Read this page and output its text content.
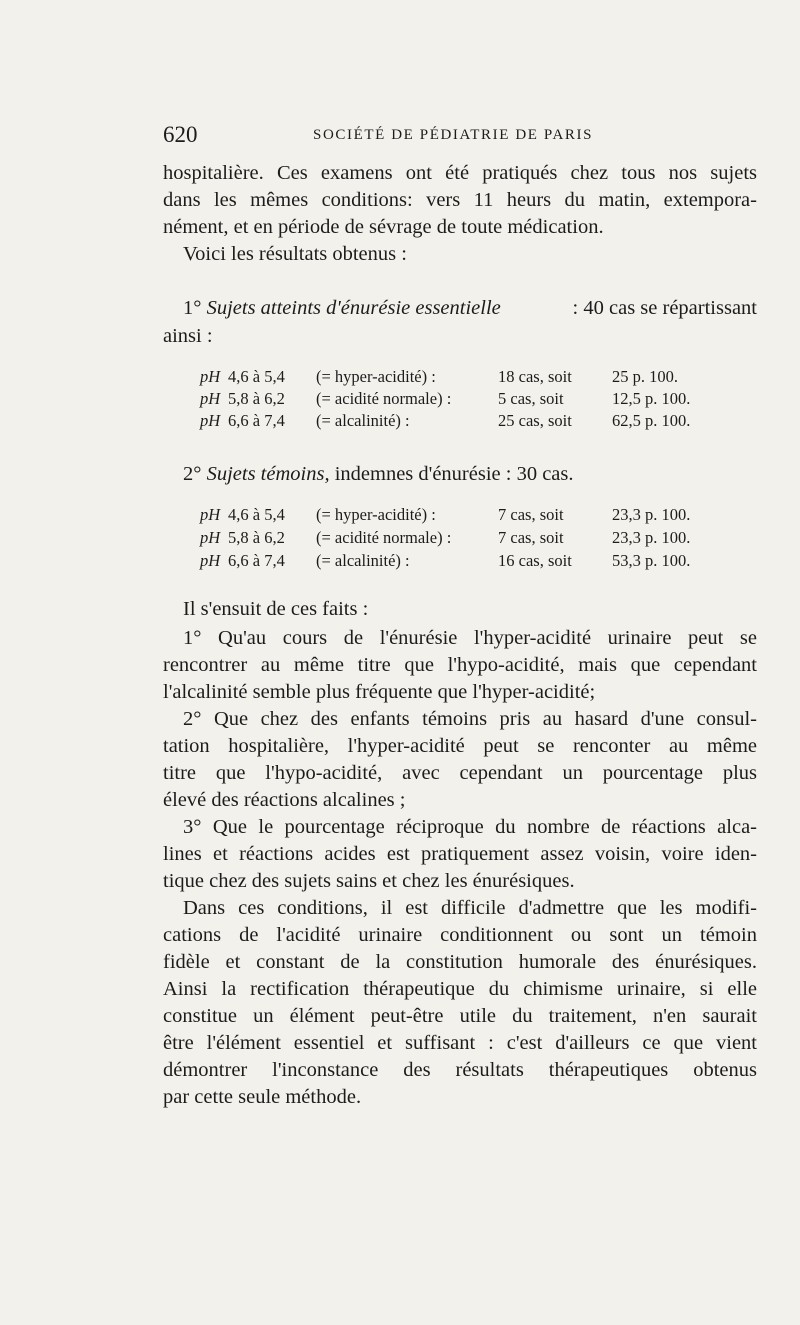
620	SOCIÉTÉ DE PÉDIATRIE DE PARIS
hospitalière. Ces examens ont été pratiqués chez tous nos sujets
dans les mêmes conditions: vers 11 heurs du matin, extempora-
nément, et en période de sévrage de toute médication.
Voici les résultats obtenus :
1° Sujets atteints d'énurésie essentielle	: 40 cas se répartissant
ainsi :
pH 4,6 à 5,4 (= hyper-acidité) :	18 cas, soit 25 p. 100.
pH 5,8 à 6,2 (= acidité normale) :	5 cas, soit	12,5 p. 100.
pH 6,6 à 7,4 (= alcalinité) :	25 cas, soit 62,5 p. 100.
2° Sujets témoins, indemnes d'énurésie : 30 cas.
pH 4,6 à 5,4 (= hyper-acidité) :	7 cas, soit	23,3 p. 100.
pH 5,8 à 6,2 (= acidité normale) :	7 cas, soit	23,3 p. 100.
pH 6,6 à 7,4 (= alcalinité) :	16 cas, soit 53,3 p. 100.
Il s'ensuit de ces faits :
1° Qu'au cours de l'énurésie l'hyper-acidité urinaire peut se
rencontrer au même titre que l'hypo-acidité, mais que cependant
l'alcalinité semble plus fréquente que l'hyper-acidité;
2° Que chez des enfants témoins pris au hasard d'une consul-
tation hospitalière, l'hyper-acidité peut se renconter au même
titre que l'hypo-acidité, avec cependant un pourcentage plus
élevé des réactions alcalines ;
3° Que le pourcentage réciproque du nombre de réactions alca-
lines et réactions acides est pratiquement assez voisin, voire iden-
tique chez des sujets sains et chez les énurésiques.
Dans ces conditions, il est difficile d'admettre que les modifi-
cations de l'acidité urinaire conditionnent ou sont un témoin
fidèle et constant de la constitution humorale des énurésiques.
Ainsi la rectification thérapeutique du chimisme urinaire, si elle
constitue un élément peut-être utile du traitement, n'en saurait
être l'élément essentiel et suffisant : c'est d'ailleurs ce que vient
démontrer l'inconstance des résultats thérapeutiques obtenus
par cette seule méthode.
